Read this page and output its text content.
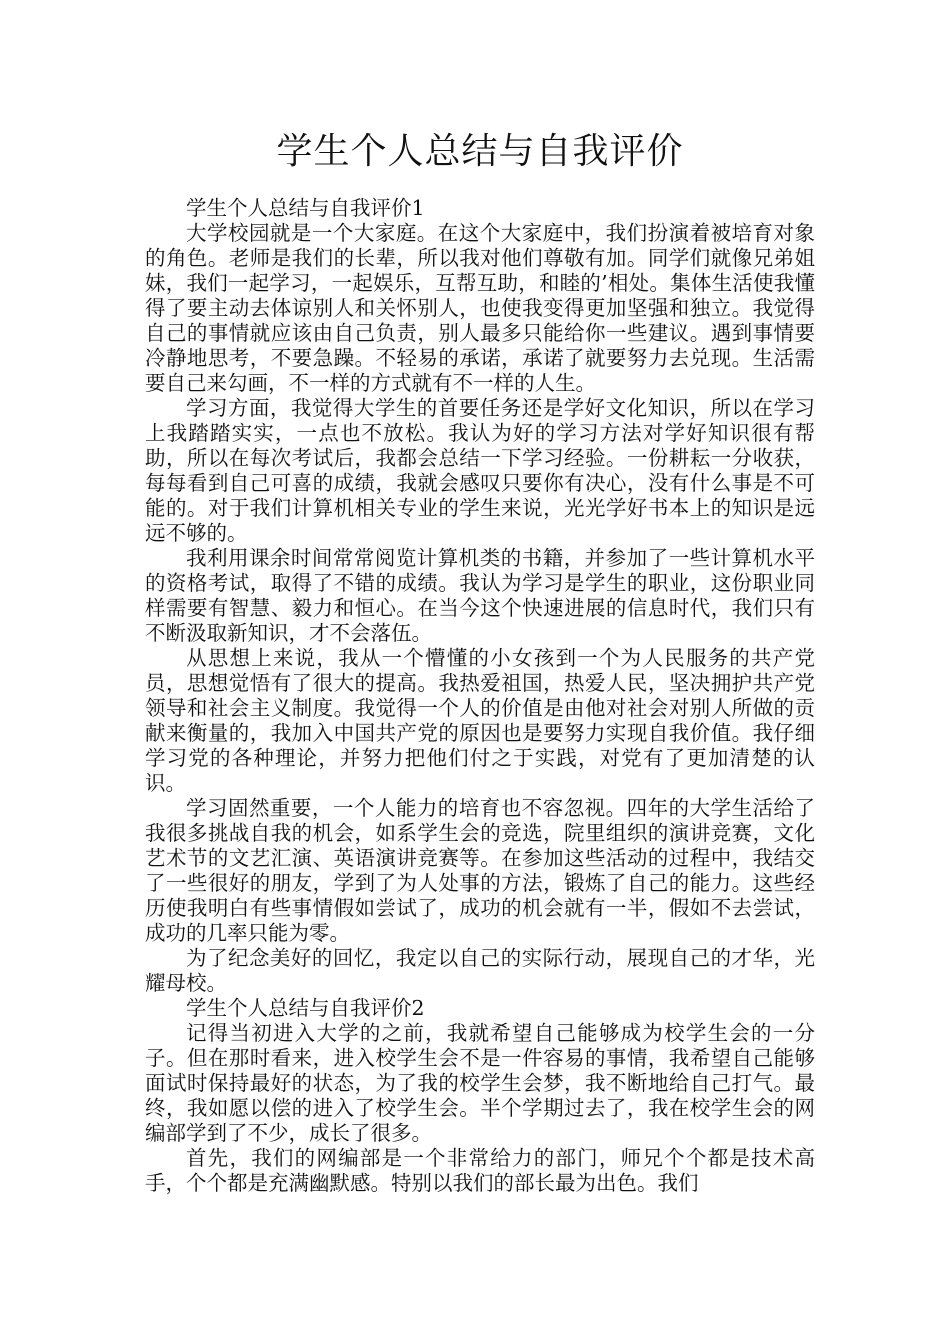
学生个人总结与自我评价

学生个人总结与自我评价1

大学校园就是一个大家庭。在这个大家庭中，我们扮演着被培育对象的角色。老师是我们的长辈，所以我对他们尊敬有加。同学们就像兄弟姐妹，我们一起学习，一起娱乐，互帮互助，和睦的’相处。集体生活使我懂得了要主动去体谅别人和关怀别人，也使我变得更加坚强和独立。我觉得自己的事情就应该由自己负责，别人最多只能给你一些建议。遇到事情要冷静地思考，不要急躁。不轻易的承诺，承诺了就要努力去兑现。生活需要自己来勾画，不一样的方式就有不一样的人生。

学习方面，我觉得大学生的首要任务还是学好文化知识，所以在学习上我踏踏实实，一点也不放松。我认为好的学习方法对学好知识很有帮助，所以在每次考试后，我都会总结一下学习经验。一份耕耘一分收获，每每看到自己可喜的成绩，我就会感叹只要你有决心，没有什么事是不可能的。对于我们计算机相关专业的学生来说，光光学好书本上的知识是远远不够的。

我利用课余时间常常阅览计算机类的书籍，并参加了一些计算机水平的资格考试，取得了不错的成绩。我认为学习是学生的职业，这份职业同样需要有智慧、毅力和恒心。在当今这个快速进展的信息时代，我们只有不断汲取新知识，才不会落伍。

从思想上来说，我从一个懵懂的小女孩到一个为人民服务的共产党员，思想觉悟有了很大的提高。我热爱祖国，热爱人民，坚决拥护共产党领导和社会主义制度。我觉得一个人的价值是由他对社会对别人所做的贡献来衡量的，我加入中国共产党的原因也是要努力实现自我价值。我仔细学习党的各种理论，并努力把他们付之于实践，对党有了更加清楚的认识。

学习固然重要，一个人能力的培育也不容忽视。四年的大学生活给了我很多挑战自我的机会，如系学生会的竞选，院里组织的演讲竞赛，文化艺术节的文艺汇演、英语演讲竞赛等。在参加这些活动的过程中，我结交了一些很好的朋友，学到了为人处事的方法，锻炼了自己的能力。这些经历使我明白有些事情假如尝试了，成功的机会就有一半，假如不去尝试，成功的几率只能为零。

为了纪念美好的回忆，我定以自己的实际行动，展现自己的才华，光耀母校。

学生个人总结与自我评价2

记得当初进入大学的之前，我就希望自己能够成为校学生会的一分子。但在那时看来，进入校学生会不是一件容易的事情，我希望自己能够面试时保持最好的状态，为了我的校学生会梦，我不断地给自己打气。最终，我如愿以偿的进入了校学生会。半个学期过去了，我在校学生会的网编部学到了不少，成长了很多。

首先，我们的网编部是一个非常给力的部门，师兄个个都是技术高手，个个都是充满幽默感。特别以我们的部长最为出色。我们
